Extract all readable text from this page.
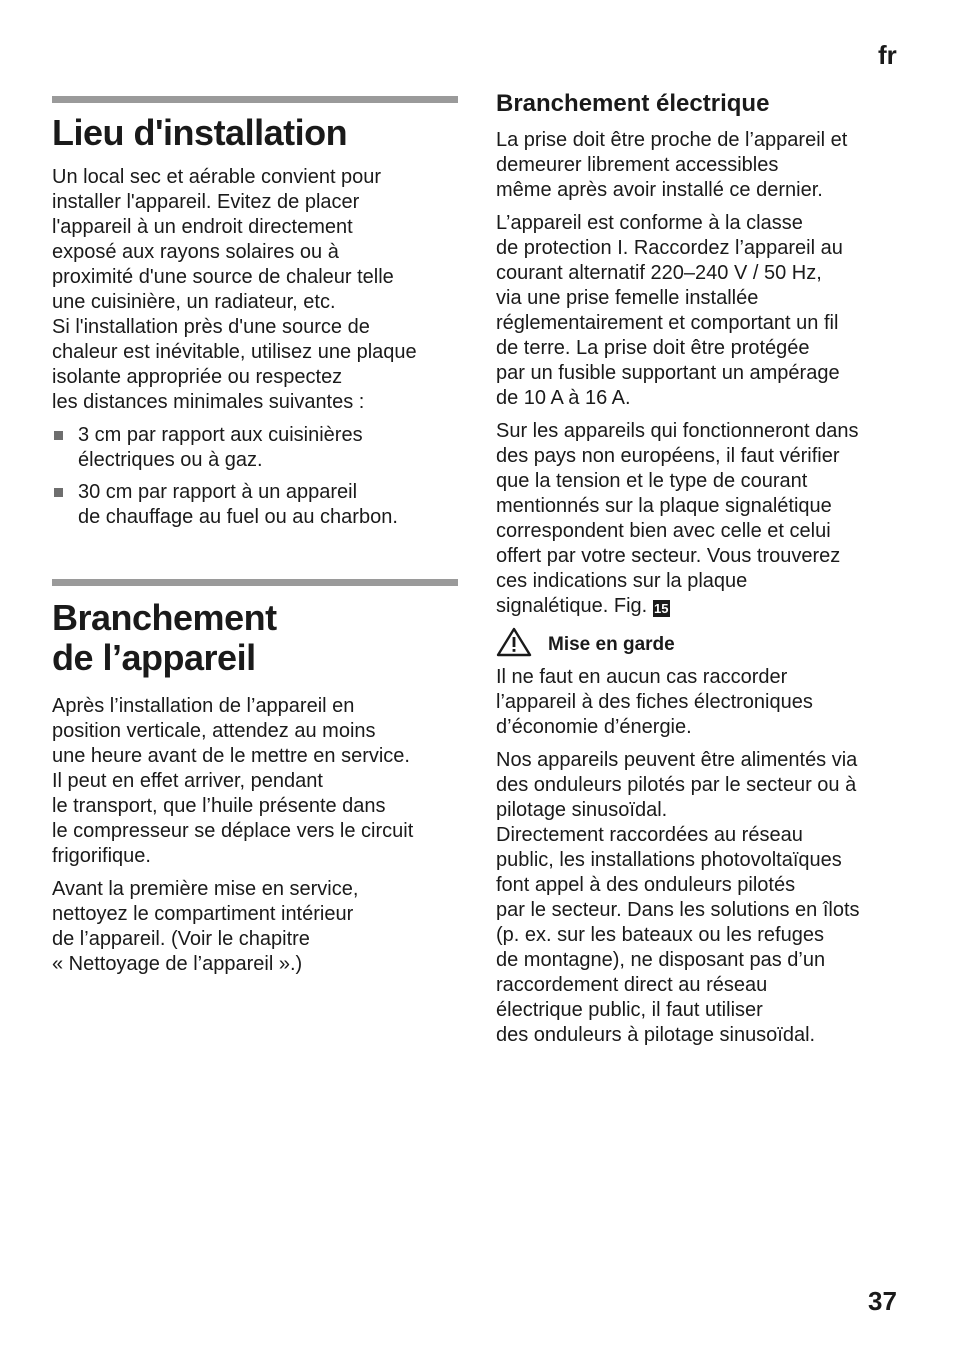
fr
Lieu d'installation

Un local sec et aérable convient pour
installer l'appareil. Evitez de placer
l'appareil à un endroit directement
exposé aux rayons solaires ou à
proximité d'une source de chaleur telle
une cuisinière, un radiateur, etc.
Si l'installation près d'une source de
chaleur est inévitable, utilisez une plaque
isolante appropriée ou respectez
les distances minimales suivantes :

3 cm par rapport aux cuisinières
électriques ou à gaz.
30 cm par rapport à un appareil
de chauffage au fuel ou au charbon.
Branchement
de l’appareil

Après l’installation de l’appareil en
position verticale, attendez au moins
une heure avant de le mettre en service.
Il peut en effet arriver, pendant
le transport, que l’huile présente dans
le compresseur se déplace vers le circuit
frigorifique.

Avant la première mise en service,
nettoyez le compartiment intérieur
de l’appareil. (Voir le chapitre
« Nettoyage de l’appareil ».)

Branchement électrique

La prise doit être proche de l’appareil et
demeurer librement accessibles
même après avoir installé ce dernier.

L’appareil est conforme à la classe
de protection I. Raccordez l’appareil au
courant alternatif 220–240 V / 50 Hz,
via une prise femelle installée
réglementairement et comportant un fil
de terre. La prise doit être protégée
par un fusible supportant un ampérage
de 10 A à 16 A.

Sur les appareils qui fonctionneront dans
des pays non européens, il faut vérifier
que la tension et le type de courant
mentionnés sur la plaque signalétique
correspondent bien avec celle et celui
offert par votre secteur. Vous trouverez
ces indications sur la plaque
signalétique. Fig. 15

Mise en garde

Il ne faut en aucun cas raccorder
l’appareil à des fiches électroniques
d’économie d’énergie.

Nos appareils peuvent être alimentés via
des onduleurs pilotés par le secteur ou à
pilotage sinusoïdal.
Directement raccordées au réseau
public, les installations photovoltaïques
font appel à des onduleurs pilotés
par le secteur. Dans les solutions en îlots
(p. ex. sur les bateaux ou les refuges
de montagne), ne disposant pas d’un
raccordement direct au réseau
électrique public, il faut utiliser
des onduleurs à pilotage sinusoïdal.

37
